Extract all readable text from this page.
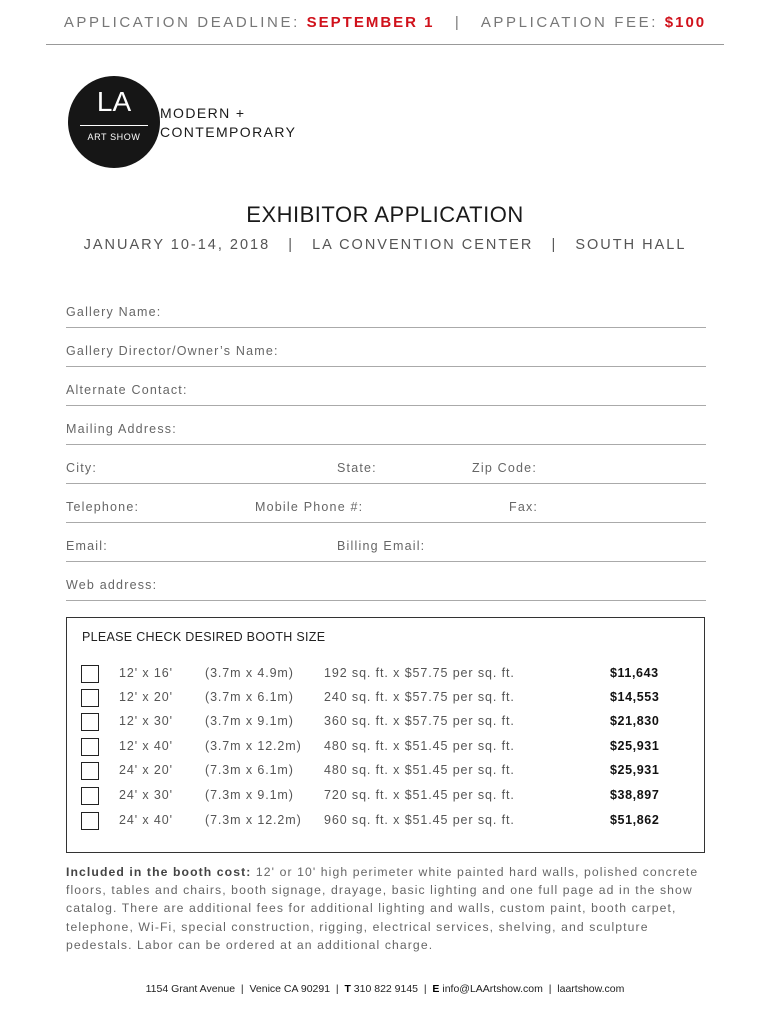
APPLICATION DEADLINE: SEPTEMBER 1 | APPLICATION FEE: $100
LA
ART SHOW
MODERN +
CONTEMPORARY
EXHIBITOR APPLICATION
JANUARY 10-14, 2018   |   LA CONVENTION CENTER   |   SOUTH HALL
Gallery Name:
Gallery Director/Owner’s Name:
Alternate Contact:
Mailing Address:
City:	State:	Zip Code:
Telephone:	Mobile Phone #:	Fax:
Email:	Billing Email:
Web address:
PLEASE CHECK DESIRED BOOTH SIZE
12' x 16'	(3.7m x 4.9m) 192 sq. ft. x $57.75 per sq. ft.	$11,643
12' x 20'	(3.7m x 6.1m) 240 sq. ft. x $57.75 per sq. ft.	$14,553
12' x 30'	(3.7m x 9.1m) 360 sq. ft. x $57.75 per sq. ft.	$21,830
12' x 40'	(3.7m x 12.2m) 480 sq. ft. x $51.45 per sq. ft.	$25,931
24' x 20'	(7.3m x 6.1m) 480 sq. ft. x $51.45 per sq. ft.	$25,931
24' x 30'	(7.3m x 9.1m) 720 sq. ft. x $51.45 per sq. ft.	$38,897
24' x 40'	(7.3m x 12.2m) 960 sq. ft. x $51.45 per sq. ft.	$51,862
Included in the booth cost: 12' or 10' high perimeter white painted hard walls, polished concrete floors, tables and chairs, booth signage, drayage, basic lighting and one full page ad in the show catalog. There are additional fees for additional lighting and walls, custom paint, booth carpet, telephone, Wi-Fi, special construction, rigging, electrical services, shelving, and sculpture pedestals. Labor can be ordered at an additional charge.
1154 Grant Avenue  |  Venice CA 90291  |  T 310 822 9145  |  E info@LAArtshow.com  |  laartshow.com
